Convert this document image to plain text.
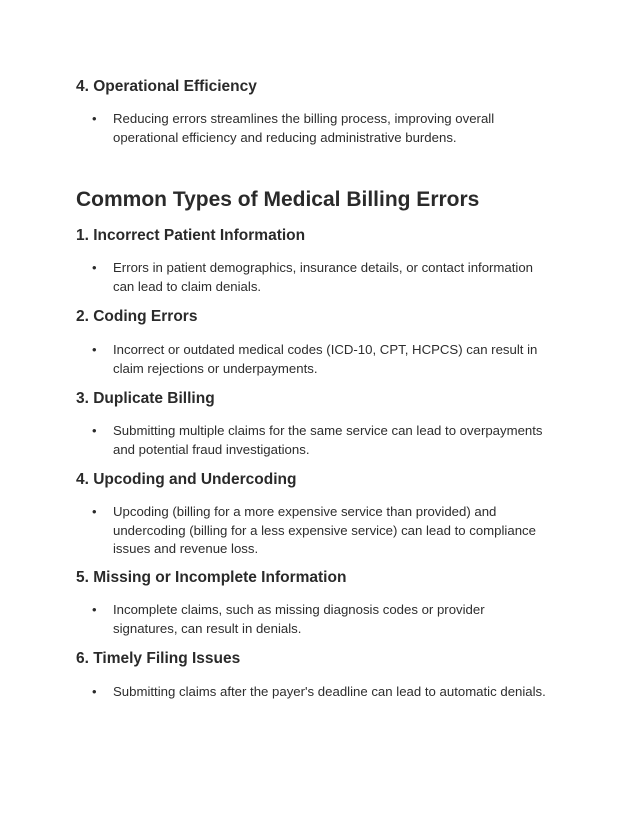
4. Operational Efficiency
• Reducing errors streamlines the billing process, improving overall operational efficiency and reducing administrative burdens.
Common Types of Medical Billing Errors
1. Incorrect Patient Information
• Errors in patient demographics, insurance details, or contact information can lead to claim denials.
2. Coding Errors
• Incorrect or outdated medical codes (ICD-10, CPT, HCPCS) can result in claim rejections or underpayments.
3. Duplicate Billing
• Submitting multiple claims for the same service can lead to overpayments and potential fraud investigations.
4. Upcoding and Undercoding
• Upcoding (billing for a more expensive service than provided) and undercoding (billing for a less expensive service) can lead to compliance issues and revenue loss.
5. Missing or Incomplete Information
• Incomplete claims, such as missing diagnosis codes or provider signatures, can result in denials.
6. Timely Filing Issues
• Submitting claims after the payer's deadline can lead to automatic denials.
